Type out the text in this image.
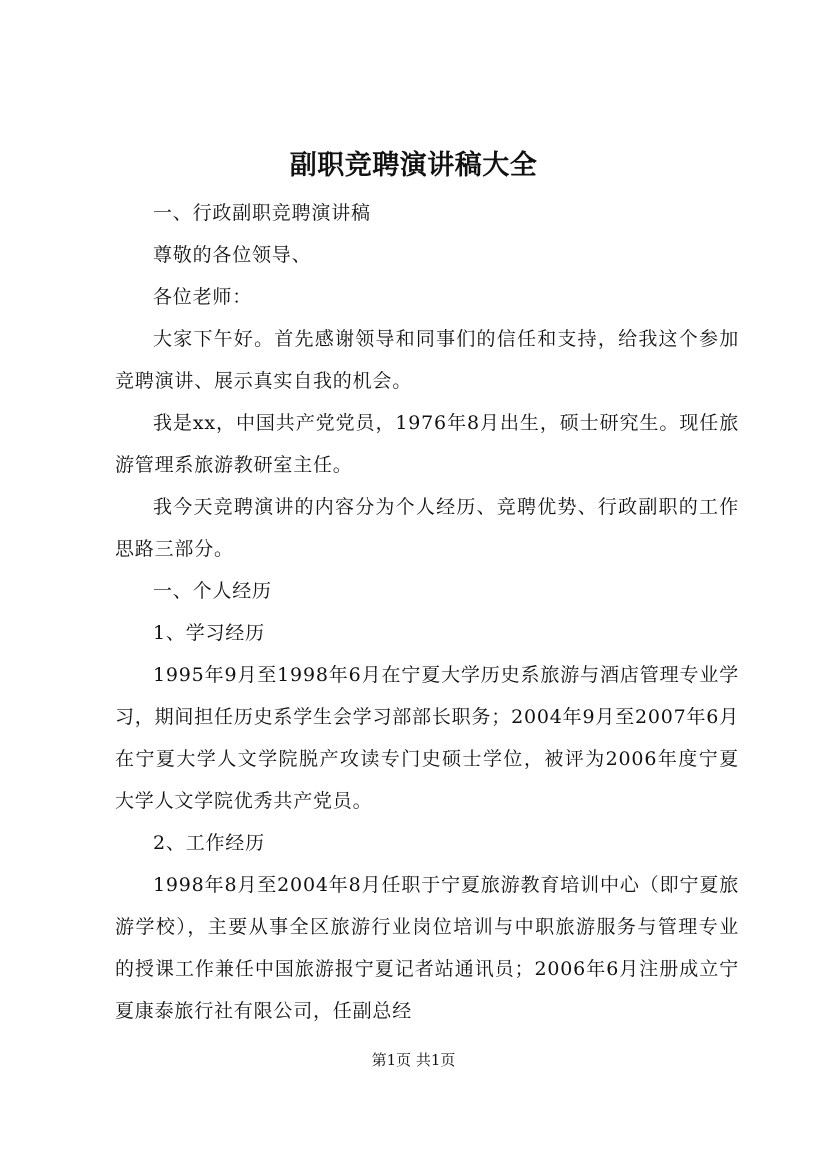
副职竞聘演讲稿大全

一、行政副职竞聘演讲稿

尊敬的各位领导、

各位老师：

大家下午好。首先感谢领导和同事们的信任和支持，给我这个参加竞聘演讲、展示真实自我的机会。

我是xx，中国共产党党员，1976年8月出生，硕士研究生。现任旅游管理系旅游教研室主任。

我今天竞聘演讲的内容分为个人经历、竞聘优势、行政副职的工作思路三部分。

一、个人经历

1、学习经历

1995年9月至1998年6月在宁夏大学历史系旅游与酒店管理专业学习，期间担任历史系学生会学习部部长职务；2004年9月至2007年6月在宁夏大学人文学院脱产攻读专门史硕士学位，被评为2006年度宁夏大学人文学院优秀共产党员。

2、工作经历

1998年8月至2004年8月任职于宁夏旅游教育培训中心（即宁夏旅游学校），主要从事全区旅游行业岗位培训与中职旅游服务与管理专业的授课工作兼任中国旅游报宁夏记者站通讯员；2006年6月注册成立宁夏康泰旅行社有限公司，任副总经

第1页 共1页
